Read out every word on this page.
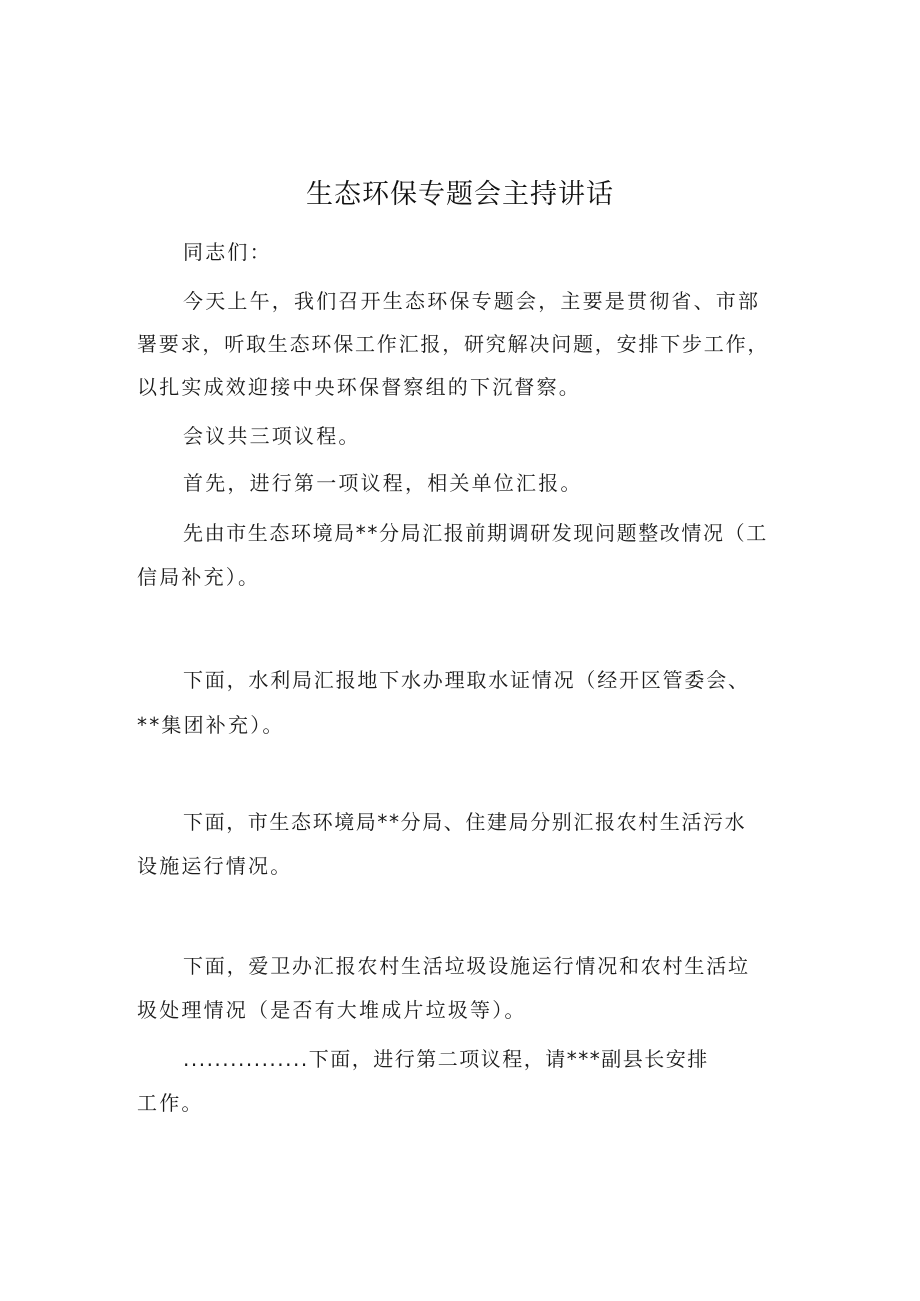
生态环保专题会主持讲话
同志们：
今天上午，我们召开生态环保专题会，主要是贯彻省、市部
署要求，听取生态环保工作汇报，研究解决问题，安排下步工作，
以扎实成效迎接中央环保督察组的下沉督察。
会议共三项议程。
首先，进行第一项议程，相关单位汇报。
先由市生态环境局**分局汇报前期调研发现问题整改情况（工
信局补充）。
下面，水利局汇报地下水办理取水证情况（经开区管委会、
**集团补充）。
下面，市生态环境局**分局、住建局分别汇报农村生活污水
设施运行情况。
下面，爱卫办汇报农村生活垃圾设施运行情况和农村生活垃
圾处理情况（是否有大堆成片垃圾等）。
................下面，进行第二项议程，请***副县长安排
工作。
